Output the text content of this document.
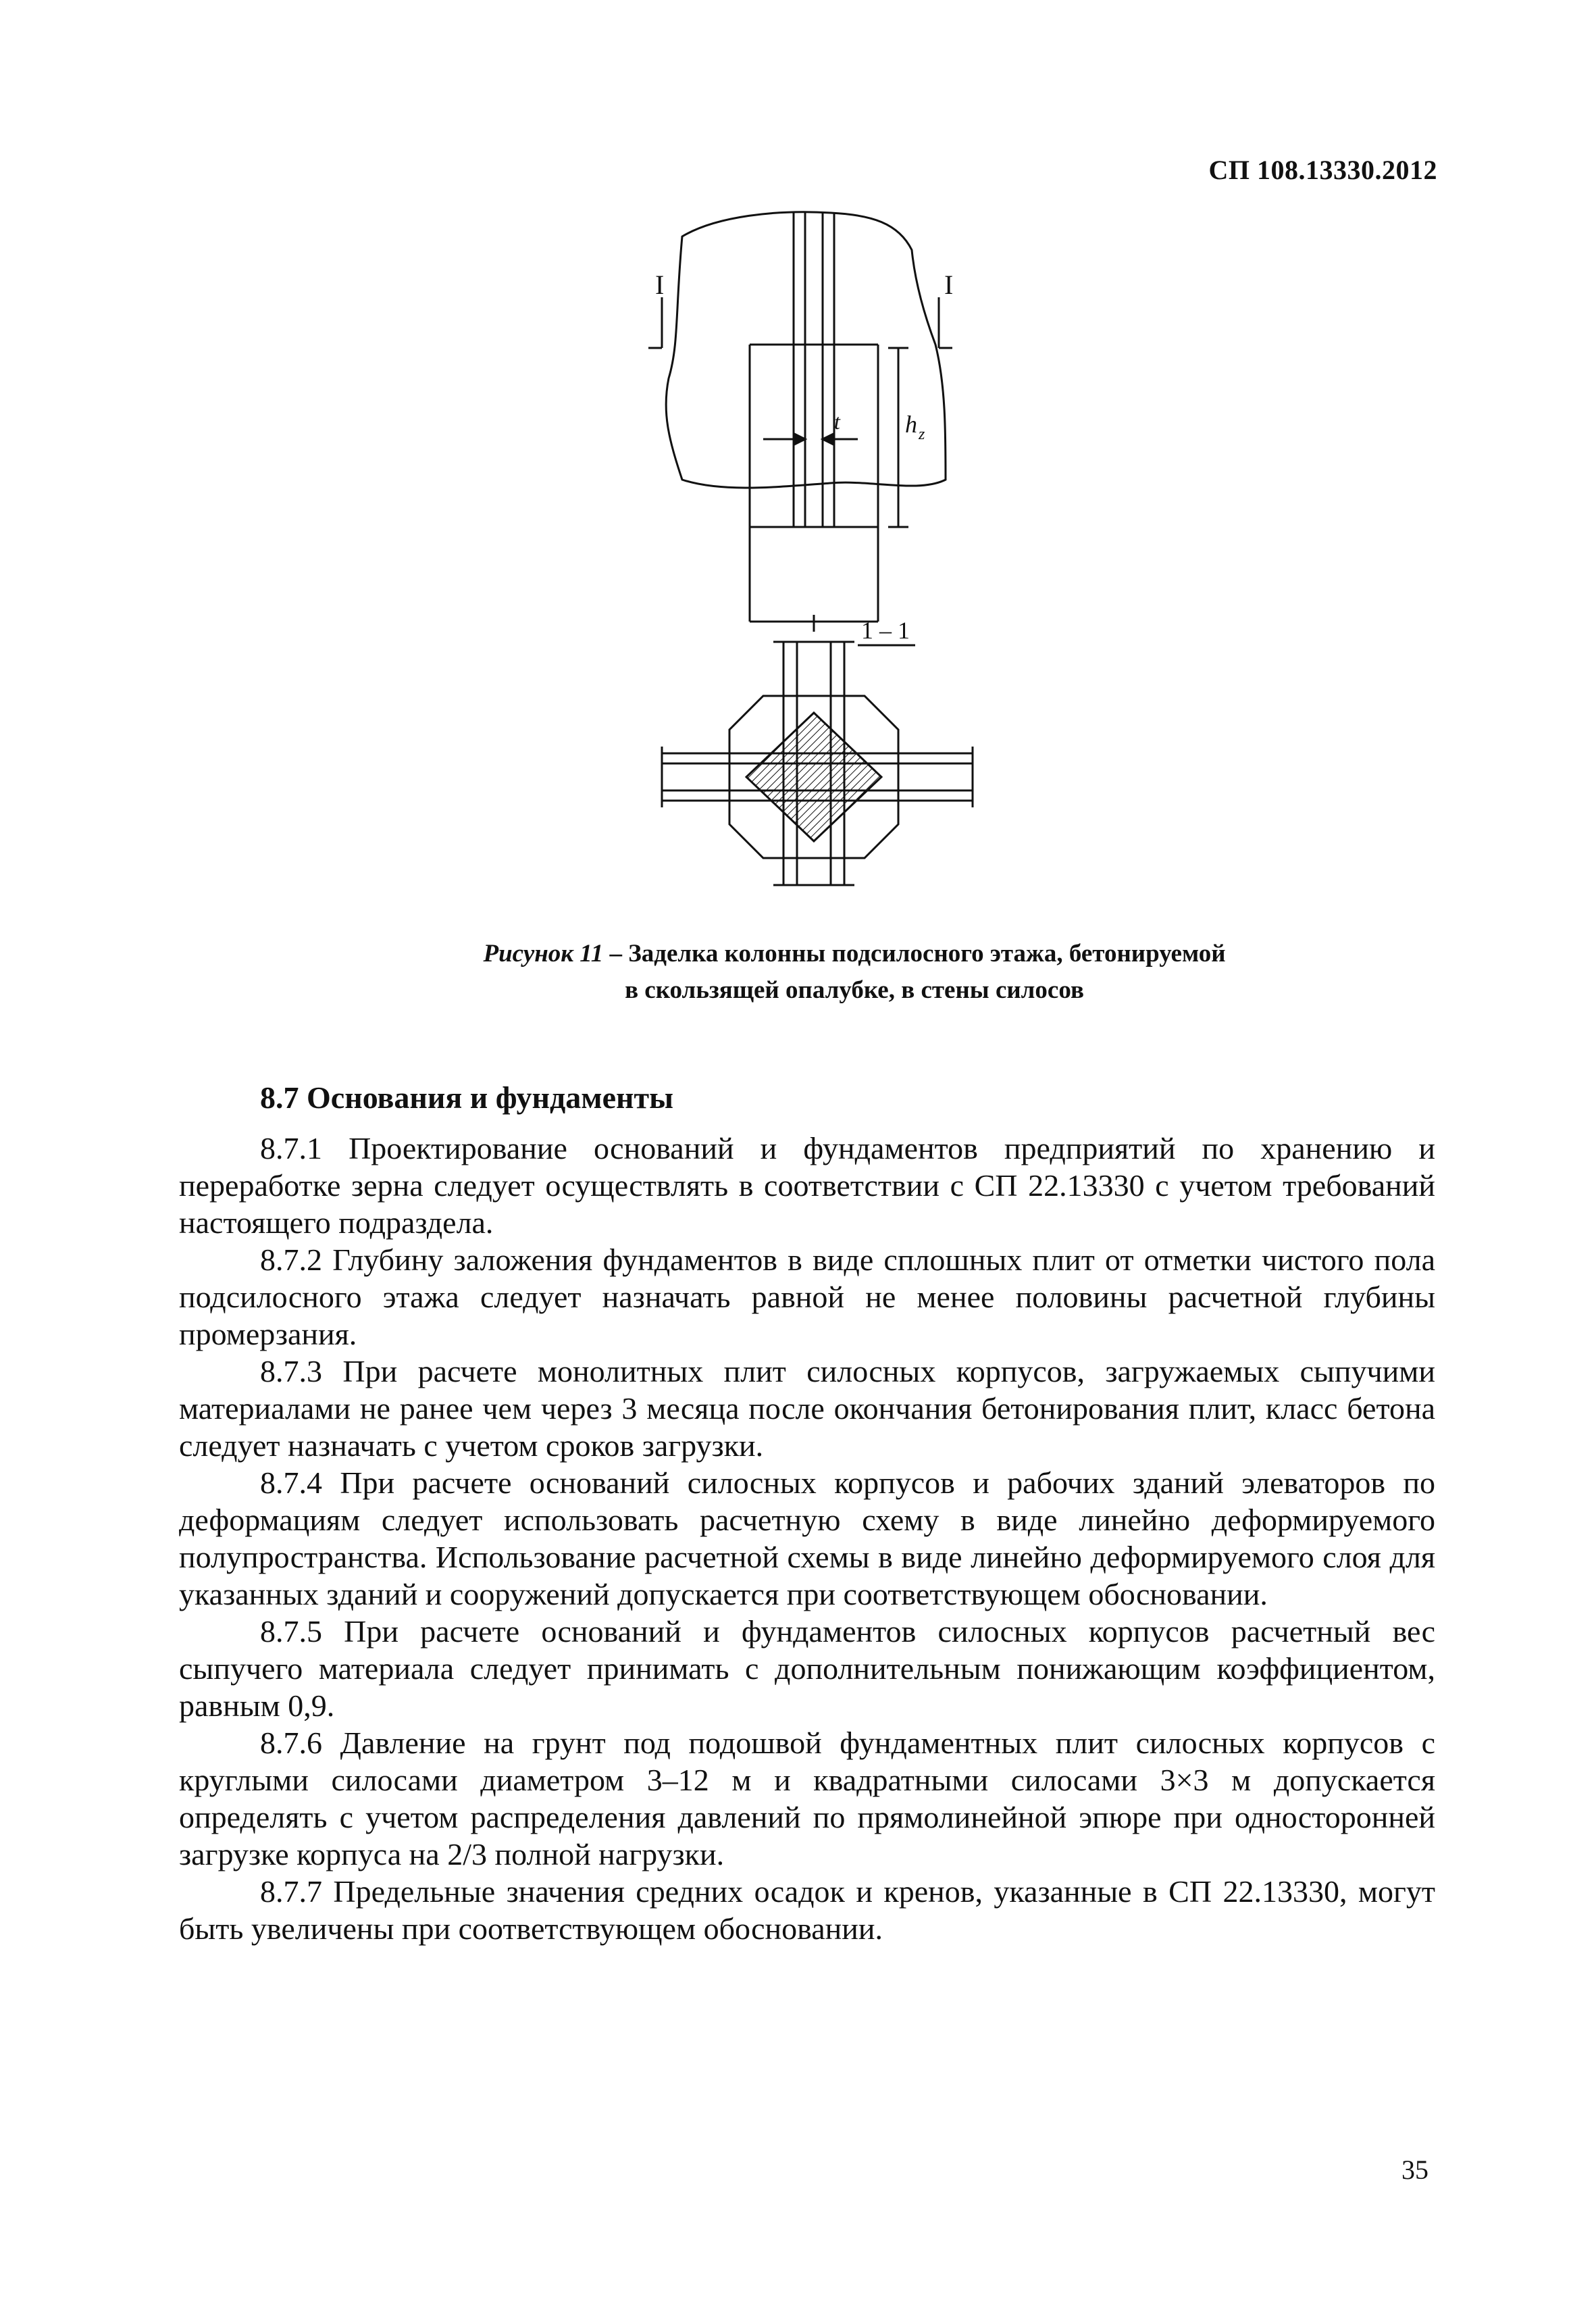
СП 108.13330.2012
I	I
t	h z
1 – 1
Рисунок 11 – Заделка колонны подсилосного этажа, бетонируемой
в скользящей опалубке, в стены силосов
8.7 Основания и фундаменты

8.7.1 Проектирование оснований и фундаментов предприятий по хранению и переработке зерна следует осуществлять в соответствии с СП 22.13330 с учетом требований настоящего подраздела.

8.7.2 Глубину заложения фундаментов в виде сплошных плит от отметки чистого пола подсилосного этажа следует назначать равной не менее половины расчетной глубины промерзания.

8.7.3 При расчете монолитных плит силосных корпусов, загружаемых сыпучими материалами не ранее чем через 3 месяца после окончания бетонирования плит, класс бетона следует назначать с учетом сроков загрузки.

8.7.4 При расчете оснований силосных корпусов и рабочих зданий элеваторов по деформациям следует использовать расчетную схему в виде линейно деформируемого полупространства. Использование расчетной схемы в виде линейно деформируемого слоя для указанных зданий и сооружений допускается при соответствующем обосновании.

8.7.5 При расчете оснований и фундаментов силосных корпусов расчетный вес сыпучего материала следует принимать с дополнительным понижающим коэффициентом, равным 0,9.

8.7.6 Давление на грунт под подошвой фундаментных плит силосных корпусов с круглыми силосами диаметром 3–12 м и квадратными силосами 3×3 м допускается определять с учетом распределения давлений по прямолинейной эпюре при односторонней загрузке корпуса на 2/3 полной нагрузки.

8.7.7 Предельные значения средних осадок и кренов, указанные в СП 22.13330, могут быть увеличены при соответствующем обосновании.

35
